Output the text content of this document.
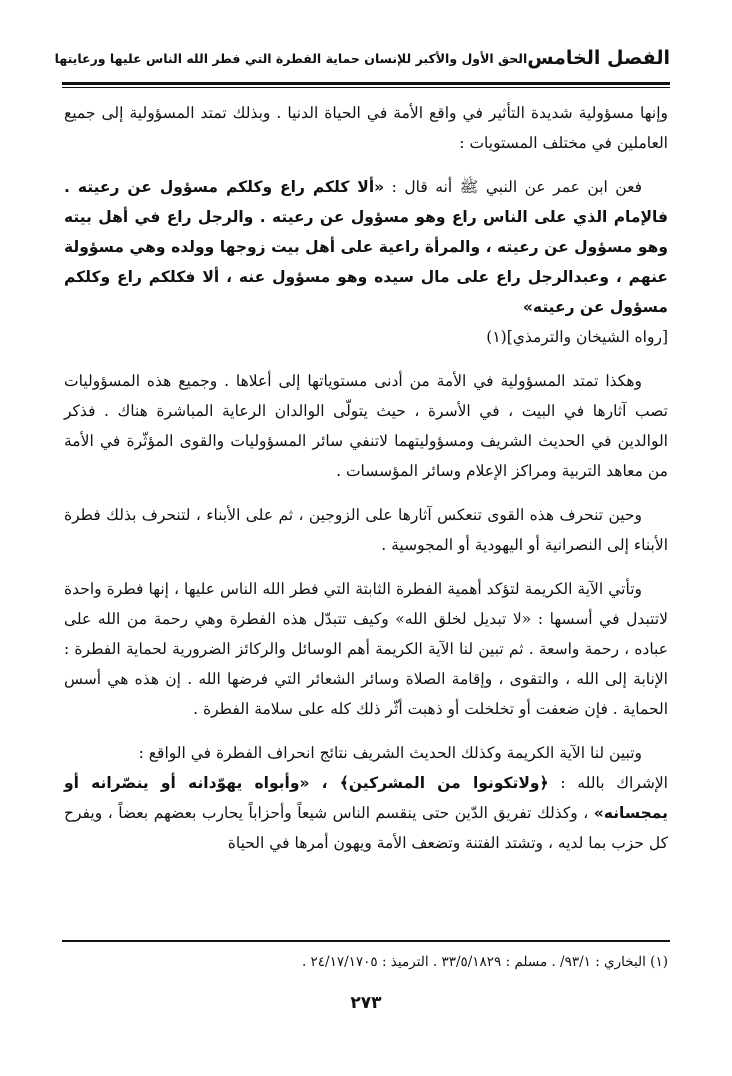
الفصل الخامس
الحق الأول والأكبر للإنسان حماية الفطرة التي فطر الله الناس عليها ورعايتها

وإنها مسؤولية شديدة التأثير في واقع الأمة في الحياة الدنيا . وبذلك تمتد المسؤولية إلى جميع العاملين في مختلف المستويات :

فعن ابن عمر عن النبي ﷺ أنه قال : «ألا كلكم راع وكلكم مسؤول عن رعيته . فالإمام الذي على الناس راع وهو مسؤول عن رعيته . والرجل راع في أهل بيته وهو مسؤول عن رعيته ، والمرأة راعية على أهل بيت زوجها وولده وهي مسؤولة عنهم ، وعبدالرجل راع على مال سيده وهو مسؤول عنه ، ألا فكلكم راع وكلكم مسؤول عن رعيته»

[رواه الشيخان والترمذي](١)

وهكذا تمتد المسؤولية في الأمة من أدنى مستوياتها إلى أعلاها . وجميع هذه المسؤوليات تصب آثارها في البيت ، في الأسرة ، حيث يتولّى الوالدان الرعاية المباشرة هناك . فذكر الوالدين في الحديث الشريف ومسؤوليتهما لاتنفي سائر المسؤوليات والقوى المؤثّرة في الأمة من معاهد التربية ومراكز الإعلام وسائر المؤسسات .

وحين تنحرف هذه القوى تنعكس آثارها على الزوجين ، ثم على الأبناء ، لتنحرف بذلك فطرة الأبناء إلى النصرانية أو اليهودية أو المجوسية .

وتأتي الآية الكريمة لتؤكد أهمية الفطرة الثابتة التي فطر الله الناس عليها ، إنها فطرة واحدة لاتتبدل في أسسها : «لا تبديل لخلق الله» وكيف تتبدّل هذه الفطرة وهي رحمة من الله على عباده ، رحمة واسعة . ثم تبين لنا الآية الكريمة أهم الوسائل والركائز الضرورية لحماية الفطرة : الإنابة إلى الله ، والتقوى ، وإقامة الصلاة وسائر الشعائر التي فرضها الله . إن هذه هي أسس الحماية . فإن ضعفت أو تخلخلت أو ذهبت أثّر ذلك كله على سلامة الفطرة .

وتبين لنا الآية الكريمة وكذلك الحديث الشريف نتائج انحراف الفطرة في الواقع :

الإشراك بالله : ﴿ولاتكونوا من المشركين﴾ ، «وأبواه يهوّدانه أو ينصّرانه أو يمجسانه» ، وكذلك تفريق الدّين حتى ينقسم الناس شيعاً وأحزاباً يحارب بعضهم بعضاً ، ويفرح كل حزب بما لديه ، وتشتد الفتنة وتضعف الأمة ويهون أمرها في الحياة

(١) البخاري : ٩٣/١/ . مسلم : ٣٣/٥/١٨٢٩ . الترميذ : ٢٤/١٧/١٧٠٥ .
٢٧٣
